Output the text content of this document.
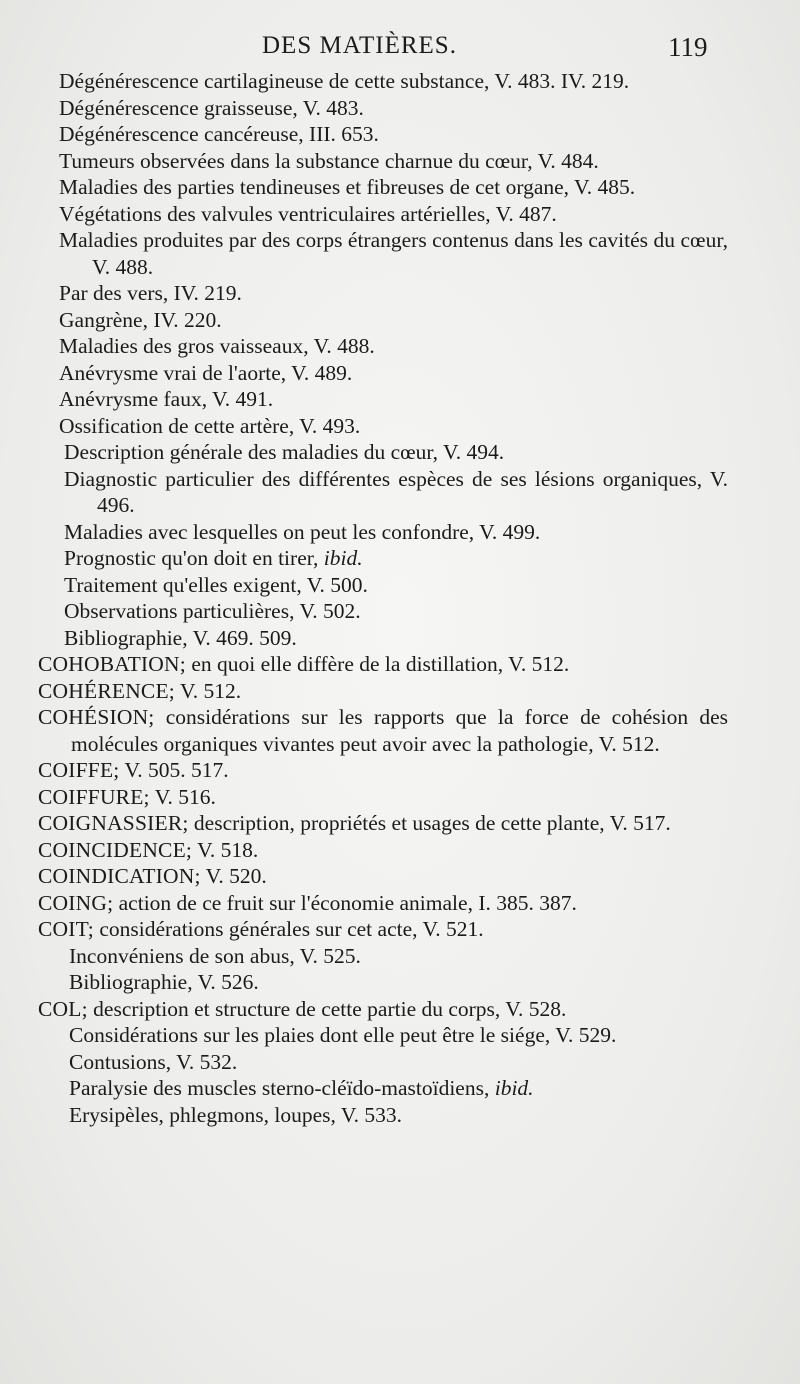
DES MATIÈRES.	119

Dégénérescence cartilagineuse de cette substance, V. 483. IV. 219.

Dégénérescence graisseuse, V. 483.

Dégénérescence cancéreuse, III. 653.

Tumeurs observées dans la substance charnue du cœur, V. 484.

Maladies des parties tendineuses et fibreuses de cet organe, V. 485.

Végétations des valvules ventriculaires artérielles, V. 487.

Maladies produites par des corps étrangers contenus dans les cavités du cœur, V. 488.

Par des vers, IV. 219.

Gangrène, IV. 220.

Maladies des gros vaisseaux, V. 488.

Anévrysme vrai de l'aorte, V. 489.

Anévrysme faux, V. 491.

Ossification de cette artère, V. 493.

Description générale des maladies du cœur, V. 494.

Diagnostic particulier des différentes espèces de ses lésions organiques, V. 496.

Maladies avec lesquelles on peut les confondre, V. 499.

Prognostic qu'on doit en tirer, ibid.

Traitement qu'elles exigent, V. 500.

Observations particulières, V. 502.

Bibliographie, V. 469. 509.

COHOBATION; en quoi elle diffère de la distillation, V. 512.

COHÉRENCE; V. 512.

COHÉSION; considérations sur les rapports que la force de cohésion des molécules organiques vivantes peut avoir avec la pathologie, V. 512.

COIFFE; V. 505. 517.

COIFFURE; V. 516.

COIGNASSIER; description, propriétés et usages de cette plante, V. 517.

COINCIDENCE; V. 518.

COINDICATION; V. 520.

COING; action de ce fruit sur l'économie animale, I. 385. 387.

COIT; considérations générales sur cet acte, V. 521.

Inconvéniens de son abus, V. 525.

Bibliographie, V. 526.

COL; description et structure de cette partie du corps, V. 528.

Considérations sur les plaies dont elle peut être le siége, V. 529.

Contusions, V. 532.

Paralysie des muscles sterno-cléïdo-mastoïdiens, ibid.

Erysipèles, phlegmons, loupes, V. 533.
